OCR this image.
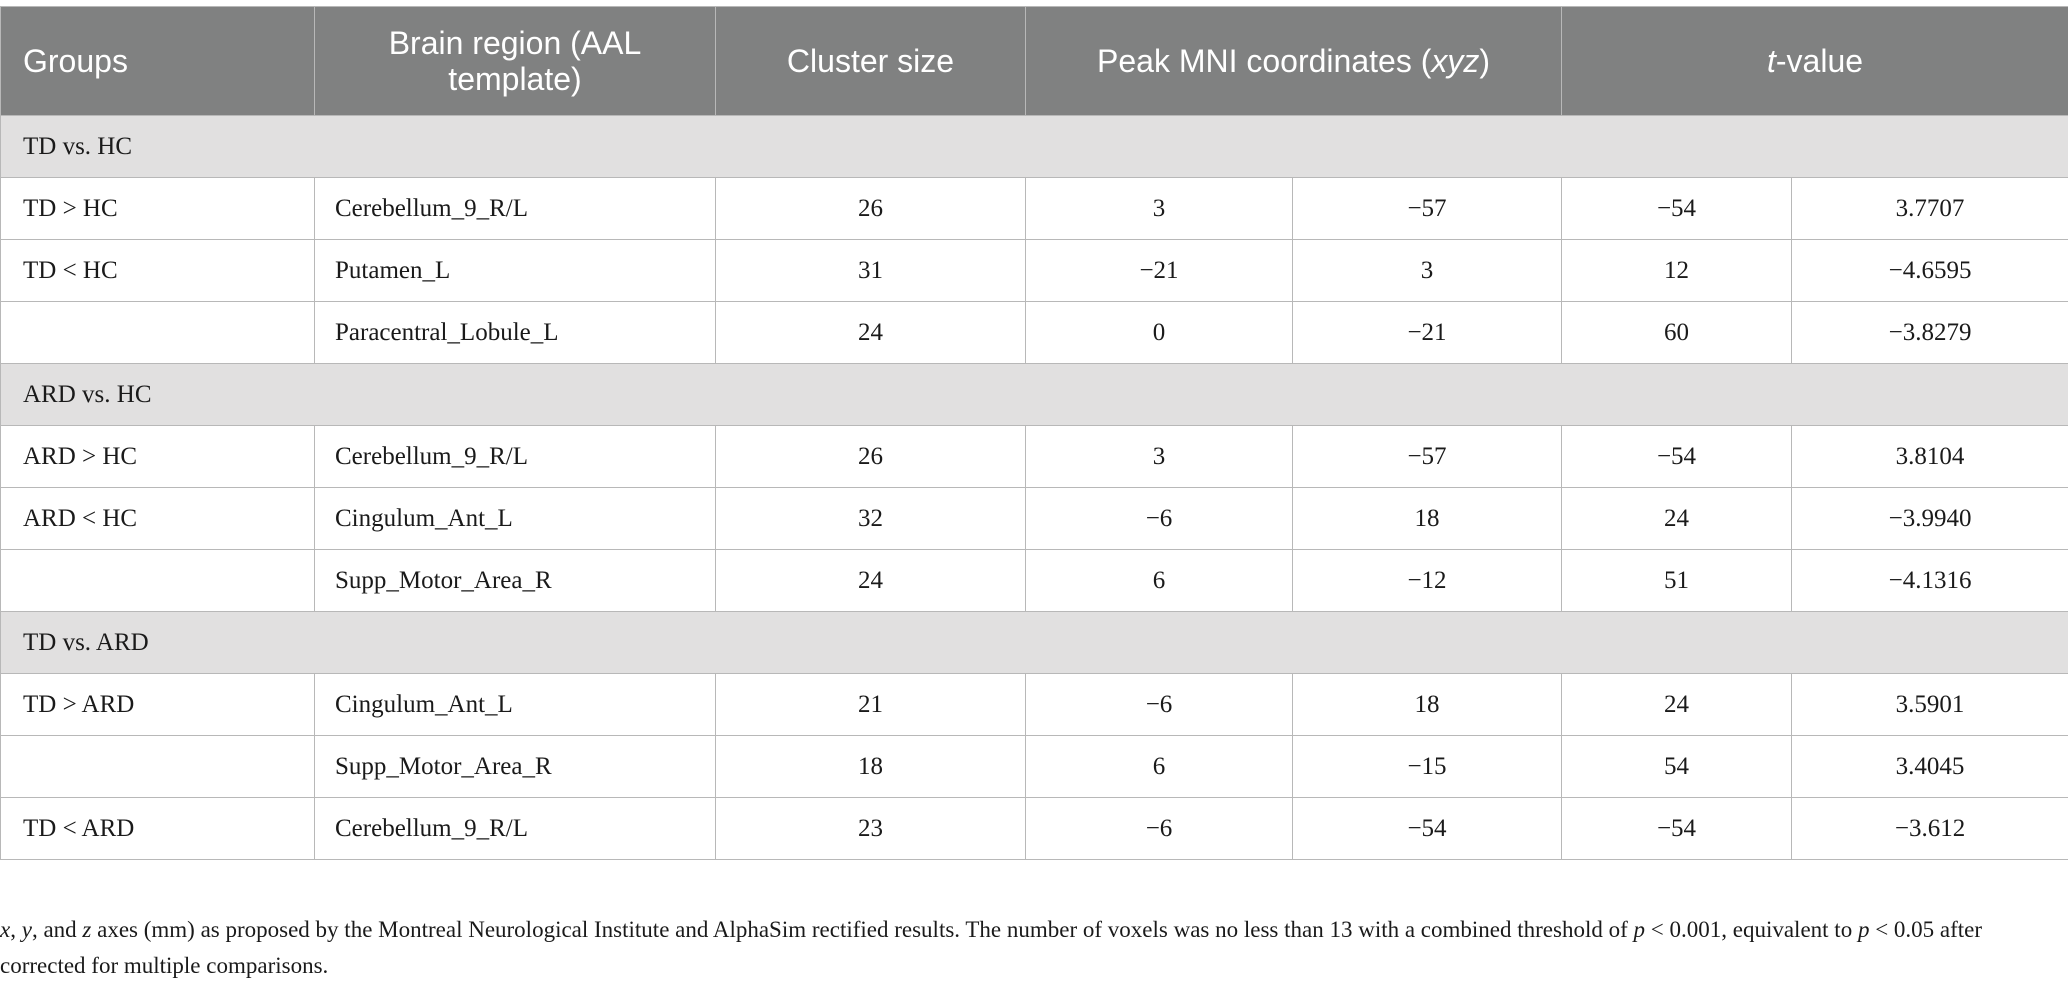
Groups	Brain region (AAL
template)	Cluster size	Peak MNI coordinates (xyz)		t-value	
TD vs. HC						
TD > HC	Cerebellum_9_R/L	26	3	−57	−54	3.7707
TD < HC	Putamen_L	31	−21	3	12	−4.6595
	Paracentral_Lobule_L	24	0	−21	60	−3.8279
ARD vs. HC						
ARD > HC	Cerebellum_9_R/L	26	3	−57	−54	3.8104
ARD < HC	Cingulum_Ant_L	32	−6	18	24	−3.9940
	Supp_Motor_Area_R	24	6	−12	51	−4.1316
TD vs. ARD						
TD > ARD	Cingulum_Ant_L	21	−6	18	24	3.5901
	Supp_Motor_Area_R	18	6	−15	54	3.4045
TD < ARD	Cerebellum_9_R/L	23	−6	−54	−54	−3.612
x, y, and z axes (mm) as proposed by the Montreal Neurological Institute and AlphaSim rectified results. The number of voxels was no less than 13 with a combined threshold of p < 0.001, equivalent to p < 0.05 after corrected for multiple comparisons.
